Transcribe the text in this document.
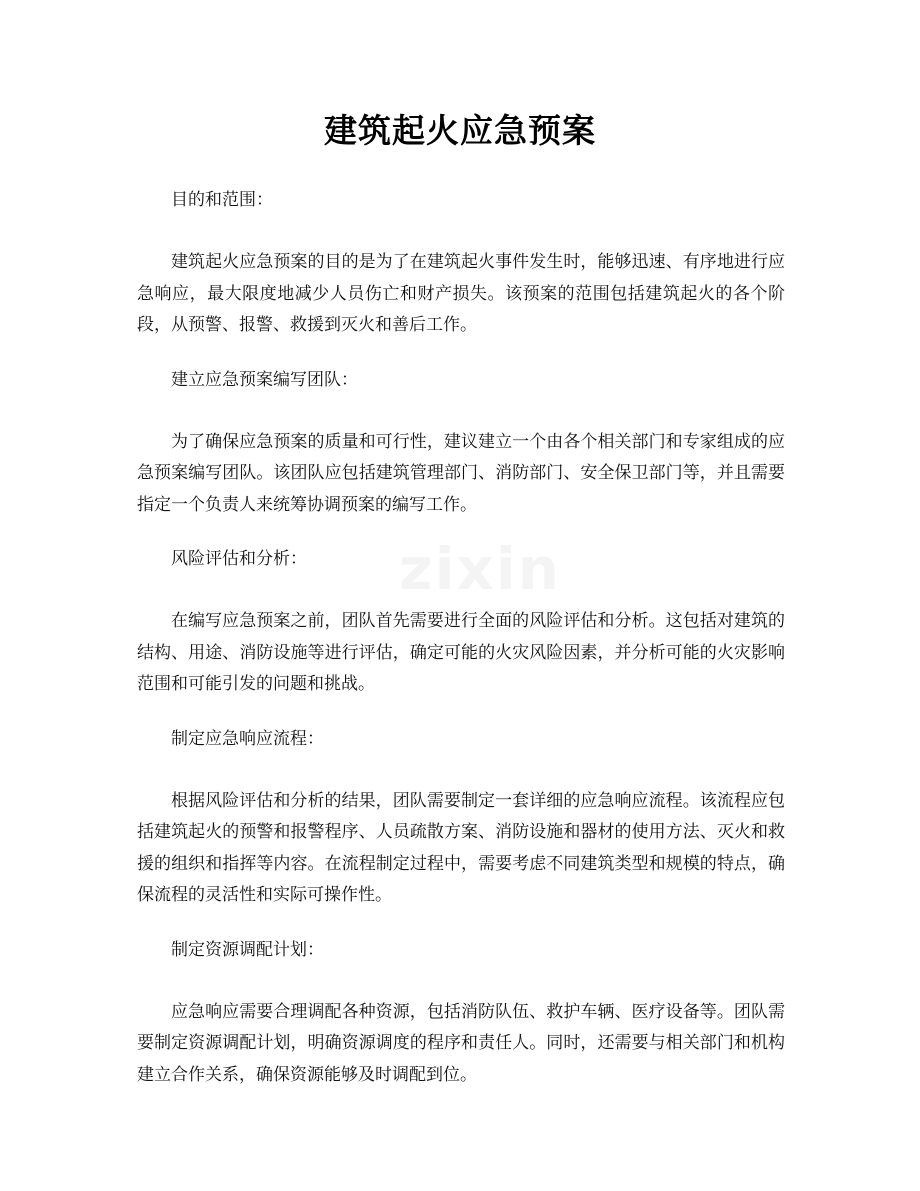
建筑起火应急预案

目的和范围：

建筑起火应急预案的目的是为了在建筑起火事件发生时，能够迅速、有序地进行应急响应，最大限度地减少人员伤亡和财产损失。该预案的范围包括建筑起火的各个阶段，从预警、报警、救援到灭火和善后工作。

建立应急预案编写团队：

为了确保应急预案的质量和可行性，建议建立一个由各个相关部门和专家组成的应急预案编写团队。该团队应包括建筑管理部门、消防部门、安全保卫部门等，并且需要指定一个负责人来统筹协调预案的编写工作。

风险评估和分析：

在编写应急预案之前，团队首先需要进行全面的风险评估和分析。这包括对建筑的结构、用途、消防设施等进行评估，确定可能的火灾风险因素，并分析可能的火灾影响范围和可能引发的问题和挑战。

制定应急响应流程：

根据风险评估和分析的结果，团队需要制定一套详细的应急响应流程。该流程应包括建筑起火的预警和报警程序、人员疏散方案、消防设施和器材的使用方法、灭火和救援的组织和指挥等内容。在流程制定过程中，需要考虑不同建筑类型和规模的特点，确保流程的灵活性和实际可操作性。

制定资源调配计划：

应急响应需要合理调配各种资源，包括消防队伍、救护车辆、医疗设备等。团队需要制定资源调配计划，明确资源调度的程序和责任人。同时，还需要与相关部门和机构建立合作关系，确保资源能够及时调配到位。
